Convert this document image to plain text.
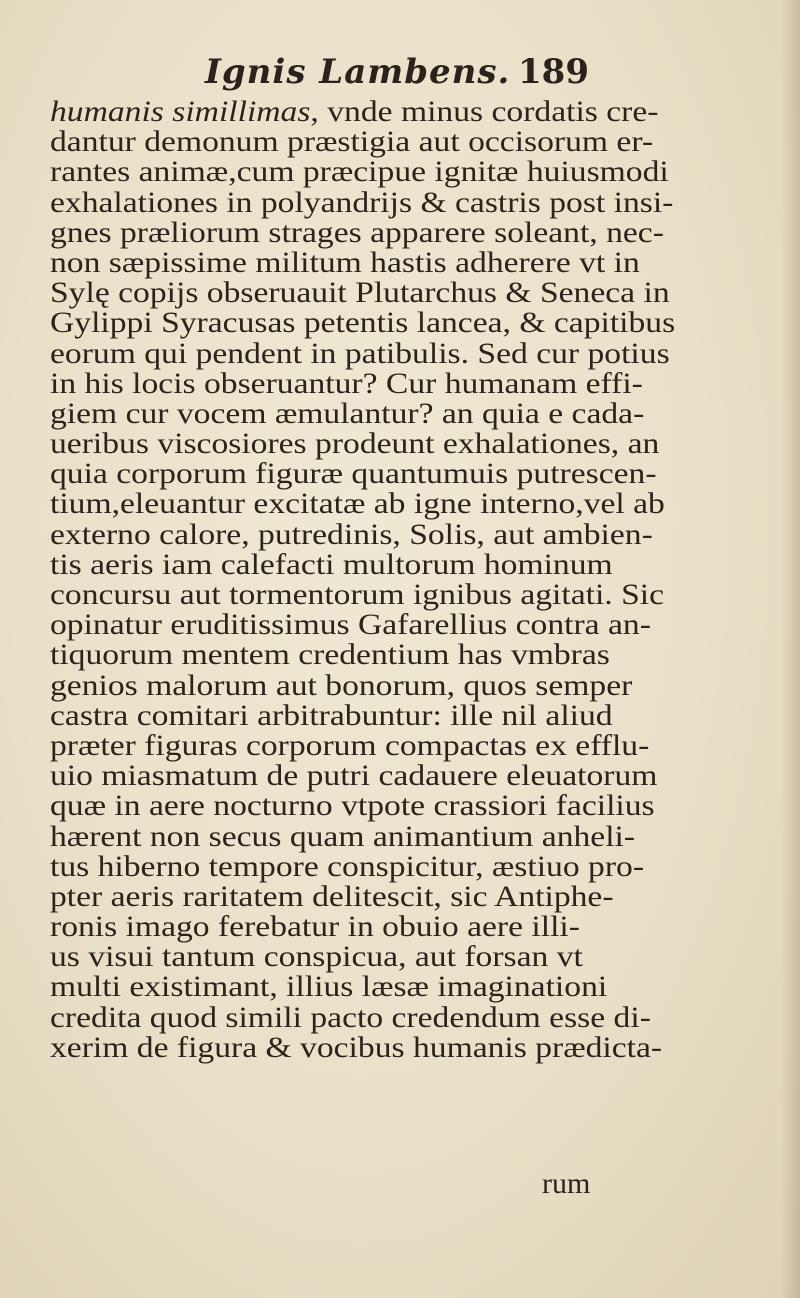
Ignis Lambens. 189
humanis simillimas, vnde minus cordatis cre-
dantur demonum præstigia aut occisorum er-
rantes animæ,cum præcipue ignitæ huiusmodi
exhalationes in polyandrijs & castris post insi-
gnes præliorum strages apparere soleant, nec-
non sæpissime militum hastis adherere vt in
Sylę copijs obseruauit Plutarchus & Seneca in
Gylippi Syracusas petentis lancea, & capitibus
eorum qui pendent in patibulis. Sed cur potius
in his locis obseruantur? Cur humanam effi-
giem cur vocem æmulantur? an quia e cada-
ueribus viscosiores prodeunt exhalationes, an
quia corporum figuræ quantumuis putrescen-
tium,eleuantur excitatæ ab igne interno,vel ab
externo calore, putredinis, Solis, aut ambien-
tis aeris iam calefacti multorum hominum
concursu aut tormentorum ignibus agitati. Sic
opinatur eruditissimus Gafarellius contra an-
tiquorum mentem credentium has vmbras
genios malorum aut bonorum, quos semper
castra comitari arbitrabuntur: ille nil aliud
præter figuras corporum compactas ex efflu-
uio miasmatum de putri cadauere eleuatorum
quæ in aere nocturno vtpote crassiori facilius
hærent non secus quam animantium anheli-
tus hiberno tempore conspicitur, æstiuo pro-
pter aeris raritatem delitescit, sic Antiphe-
ronis imago ferebatur in obuio aere illi-
us visui tantum conspicua, aut forsan vt
multi existimant, illius læsæ imaginationi
credita quod simili pacto credendum esse di-
xerim de figura & vocibus humanis prædicta-
rum
